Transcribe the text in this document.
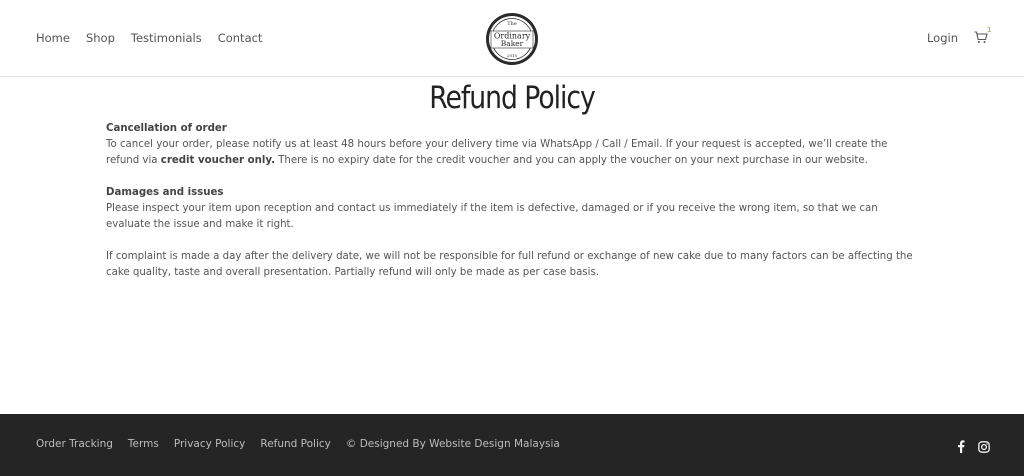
Home Shop Testimonials Contact
The
Ordinary
Baker
2015
Login
1
Refund Policy
Cancellation of order

To cancel your order, please notify us at least 48 hours before your delivery time via WhatsApp / Call / Email. If your request is accepted, we’ll create the refund via credit voucher only. There is no expiry date for the credit voucher and you can apply the voucher on your next purchase in our website.

Damages and issues

Please inspect your item upon reception and contact us immediately if the item is defective, damaged or if you receive the wrong item, so that we can evaluate the issue and make it right.

If complaint is made a day after the delivery date, we will not be responsible for full refund or exchange of new cake due to many factors can be affecting the cake quality, taste and overall presentation. Partially refund will only be made as per case basis.

Order Tracking Terms Privacy Policy Refund Policy © Designed By Website Design Malaysia
